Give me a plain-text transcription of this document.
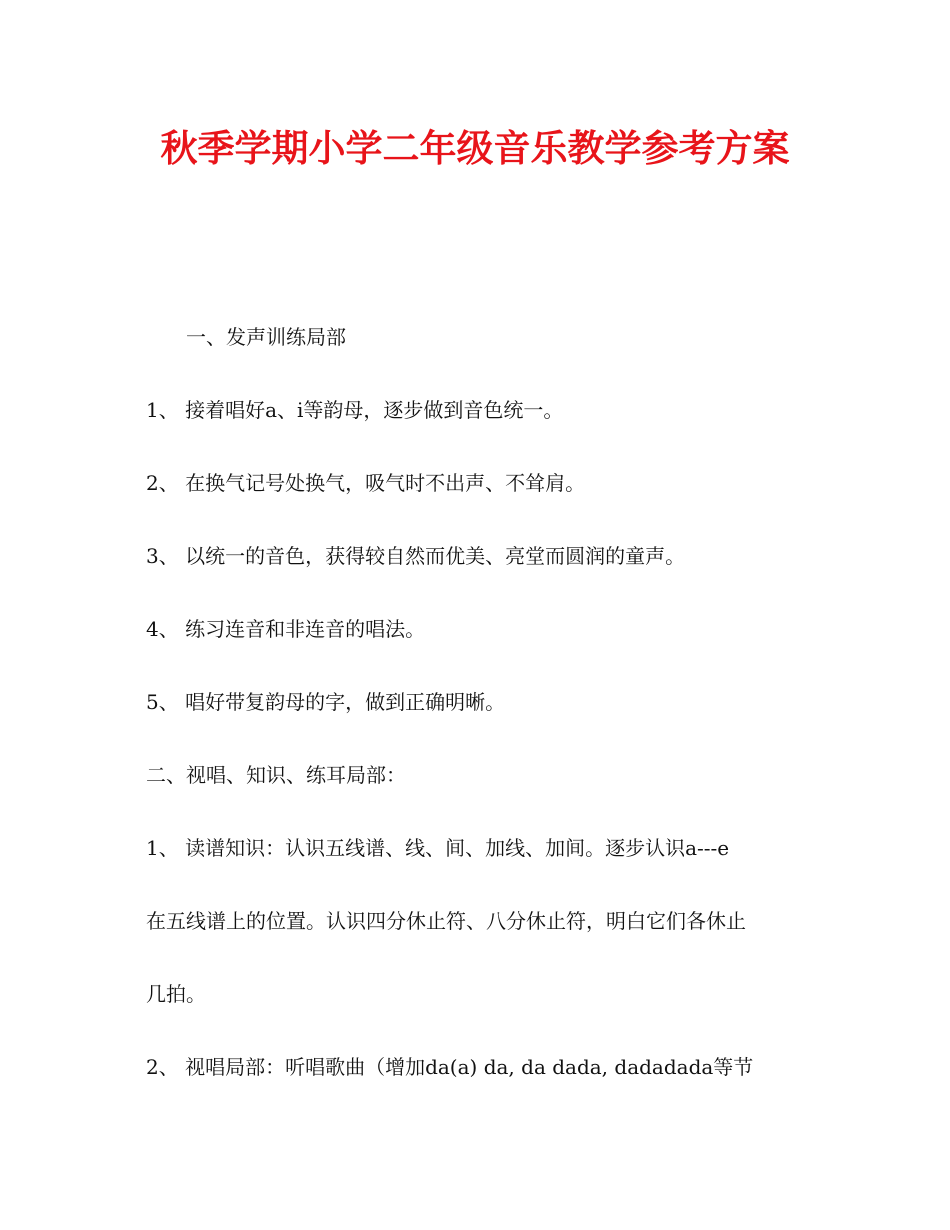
秋季学期小学二年级音乐教学参考方案
一、发声训练局部
1、 接着唱好a、i等韵母，逐步做到音色统一。
2、 在换气记号处换气，吸气时不出声、不耸肩。
3、 以统一的音色，获得较自然而优美、亮堂而圆润的童声。
4、 练习连音和非连音的唱法。
5、 唱好带复韵母的字，做到正确明晰。
二、视唱、知识、练耳局部：
1、 读谱知识：认识五线谱、线、间、加线、加间。逐步认识a---e
在五线谱上的位置。认识四分休止符、八分休止符，明白它们各休止
几拍。
2、 视唱局部：听唱歌曲（增加da(a) da, da dada, dadadada等节
